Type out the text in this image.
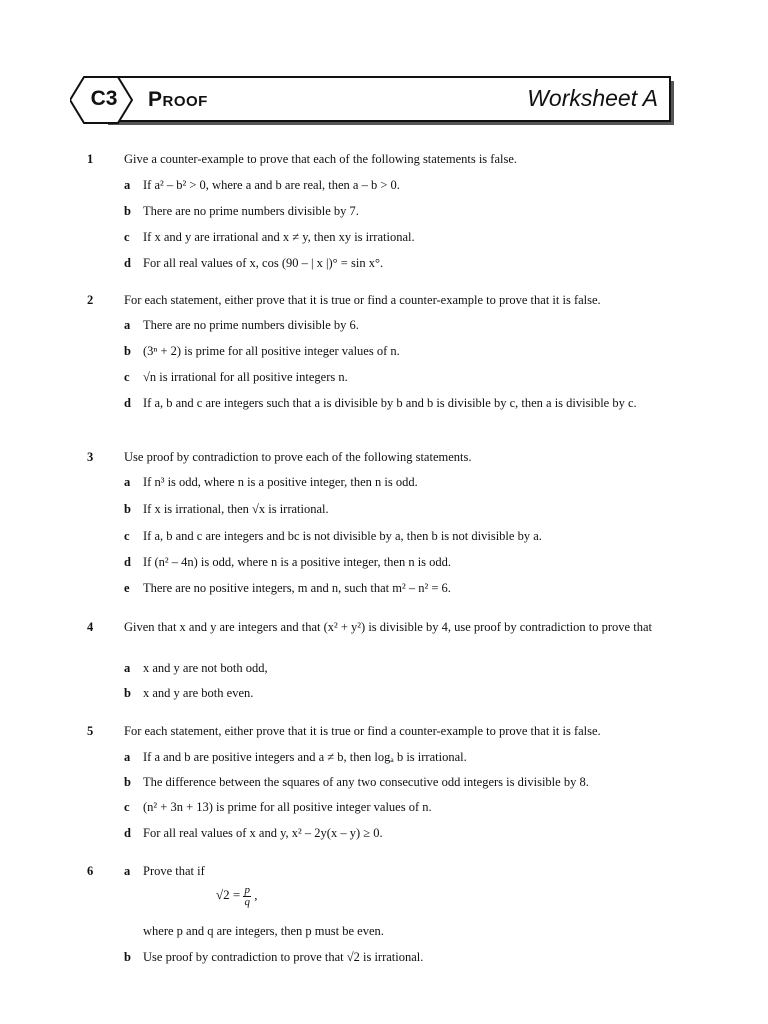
C3	Proof	Worksheet A
1 Give a counter-example to prove that each of the following statements is false.
a If a² – b² > 0, where a and b are real, then a – b > 0.
b There are no prime numbers divisible by 7.
c If x and y are irrational and x ≠ y, then xy is irrational.
d For all real values of x, cos (90 – | x |)° = sin x°.
2 For each statement, either prove that it is true or find a counter-example to prove that it is false.
a There are no prime numbers divisible by 6.
b (3ⁿ + 2) is prime for all positive integer values of n.
c √n is irrational for all positive integers n.
d If a, b and c are integers such that a is divisible by b and b is divisible by c, then a is divisible by c.
3 Use proof by contradiction to prove each of the following statements.
a If n³ is odd, where n is a positive integer, then n is odd.
b If x is irrational, then √x is irrational.
c If a, b and c are integers and bc is not divisible by a, then b is not divisible by a.
d If (n² – 4n) is odd, where n is a positive integer, then n is odd.
e There are no positive integers, m and n, such that m² – n² = 6.
4 Given that x and y are integers and that (x² + y²) is divisible by 4, use proof by contradiction to prove that
a x and y are not both odd,
b x and y are both even.
5 For each statement, either prove that it is true or find a counter-example to prove that it is false.
a If a and b are positive integers and a ≠ b, then logₐ b is irrational.
b The difference between the squares of any two consecutive odd integers is divisible by 8.
c (n² + 3n + 13) is prime for all positive integer values of n.
d For all real values of x and y, x² – 2y(x – y) ≥ 0.
6 a Prove that if
$√2 = \frac{p}{q}$ ,
where p and q are integers, then p must be even.
b Use proof by contradiction to prove that √2 is irrational.
